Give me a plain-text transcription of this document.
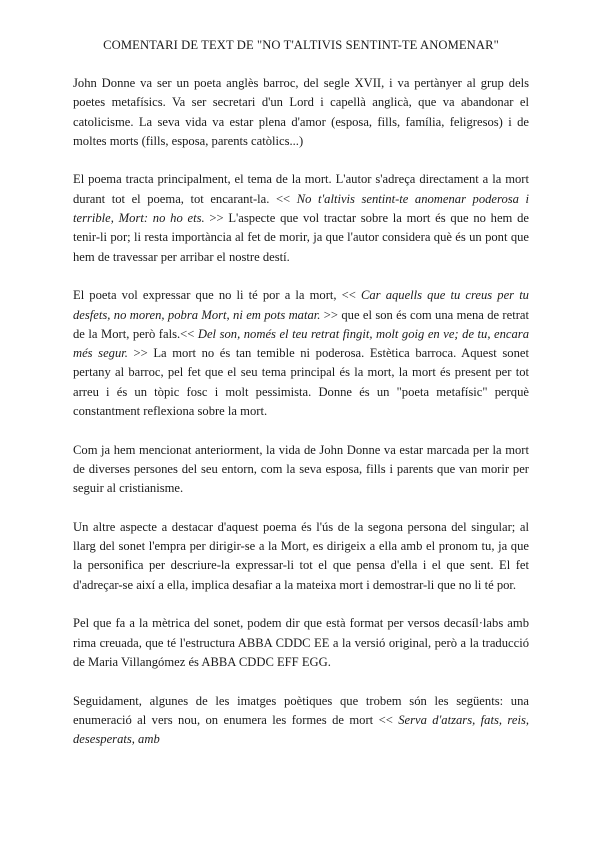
COMENTARI DE TEXT DE "NO T'ALTIVIS SENTINT-TE ANOMENAR"

John Donne va ser un poeta anglès barroc, del segle XVII, i va pertànyer al grup dels poetes metafísics. Va ser secretari d'un Lord i capellà anglicà, que va abandonar el catolicisme. La seva vida va estar plena d'amor (esposa, fills, família, feligresos) i de moltes morts (fills, esposa, parents catòlics...)

El poema tracta principalment, el tema de la mort. L'autor s'adreça directament a la mort durant tot el poema, tot encarant-la. << No t'altivis sentint-te anomenar poderosa i terrible, Mort: no ho ets. >> L'aspecte que vol tractar sobre la mort és que no hem de tenir-li por; li resta importància al fet de morir, ja que l'autor considera què és un pont que hem de travessar per arribar el nostre destí.

El poeta vol expressar que no li té por a la mort, << Car aquells que tu creus per tu desfets, no moren, pobra Mort, ni em pots matar. >> que el son és com una mena de retrat de la Mort, però fals.<< Del son, només el teu retrat fingit, molt goig en ve; de tu, encara més segur. >> La mort no és tan temible ni poderosa. Estètica barroca. Aquest sonet pertany al barroc, pel fet que el seu tema principal és la mort, la mort és present per tot arreu i és un tòpic fosc i molt pessimista. Donne és un "poeta metafísic" perquè constantment reflexiona sobre la mort.

Com ja hem mencionat anteriorment, la vida de John Donne va estar marcada per la mort de diverses persones del seu entorn, com la seva esposa, fills i parents que van morir per seguir al cristianisme.

Un altre aspecte a destacar d'aquest poema és l'ús de la segona persona del singular; al llarg del sonet l'empra per dirigir-se a la Mort, es dirigeix a ella amb el pronom tu, ja que la personifica per descriure-la expressar-li tot el que pensa d'ella i el que sent. El fet d'adreçar-se així a ella, implica desafiar a la mateixa mort i demostrar-li que no li té por.

Pel que fa a la mètrica del sonet, podem dir que està format per versos decasíl·labs amb rima creuada, que té l'estructura ABBA CDDC EE a la versió original, però a la traducció de Maria Villangómez és ABBA CDDC EFF EGG.

Seguidament, algunes de les imatges poètiques que trobem són les següents: una enumeració al vers nou, on enumera les formes de mort << Serva d'atzars, fats, reis, desesperats, amb
